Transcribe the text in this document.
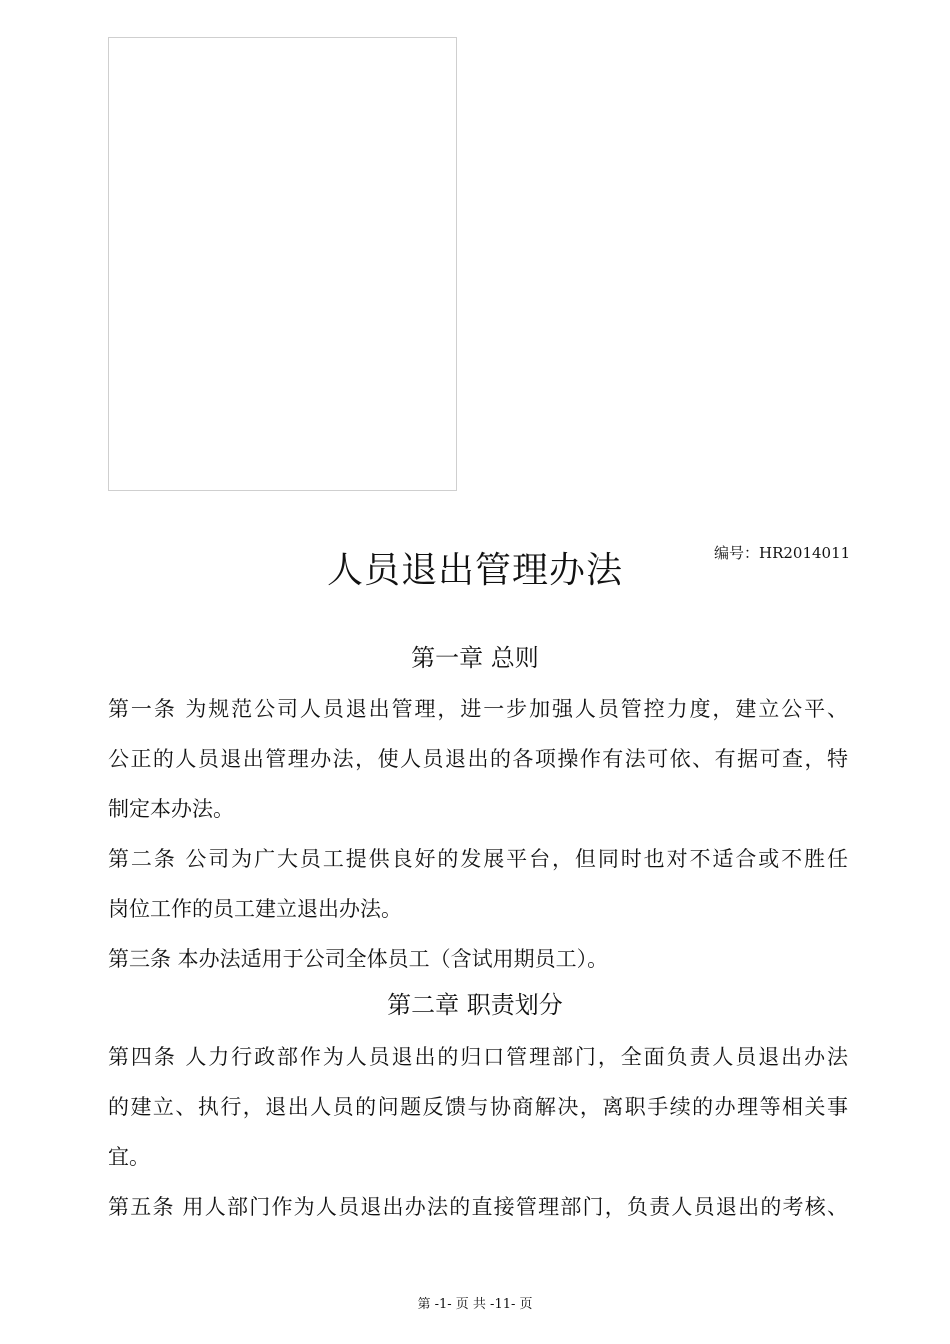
编号：HR2014011
人员退出管理办法
第一章 总则

第一条 为规范公司人员退出管理，进一步加强人员管控力度，建立公平、

公正的人员退出管理办法，使人员退出的各项操作有法可依、有据可查，特

制定本办法。

第二条 公司为广大员工提供良好的发展平台，但同时也对不适合或不胜任

岗位工作的员工建立退出办法。

第三条 本办法适用于公司全体员工（含试用期员工）。

第二章 职责划分

第四条 人力行政部作为人员退出的归口管理部门，全面负责人员退出办法

的建立、执行，退出人员的问题反馈与协商解决，离职手续的办理等相关事

宜。

第五条 用人部门作为人员退出办法的直接管理部门，负责人员退出的考核、

第 -1- 页 共 -11- 页
